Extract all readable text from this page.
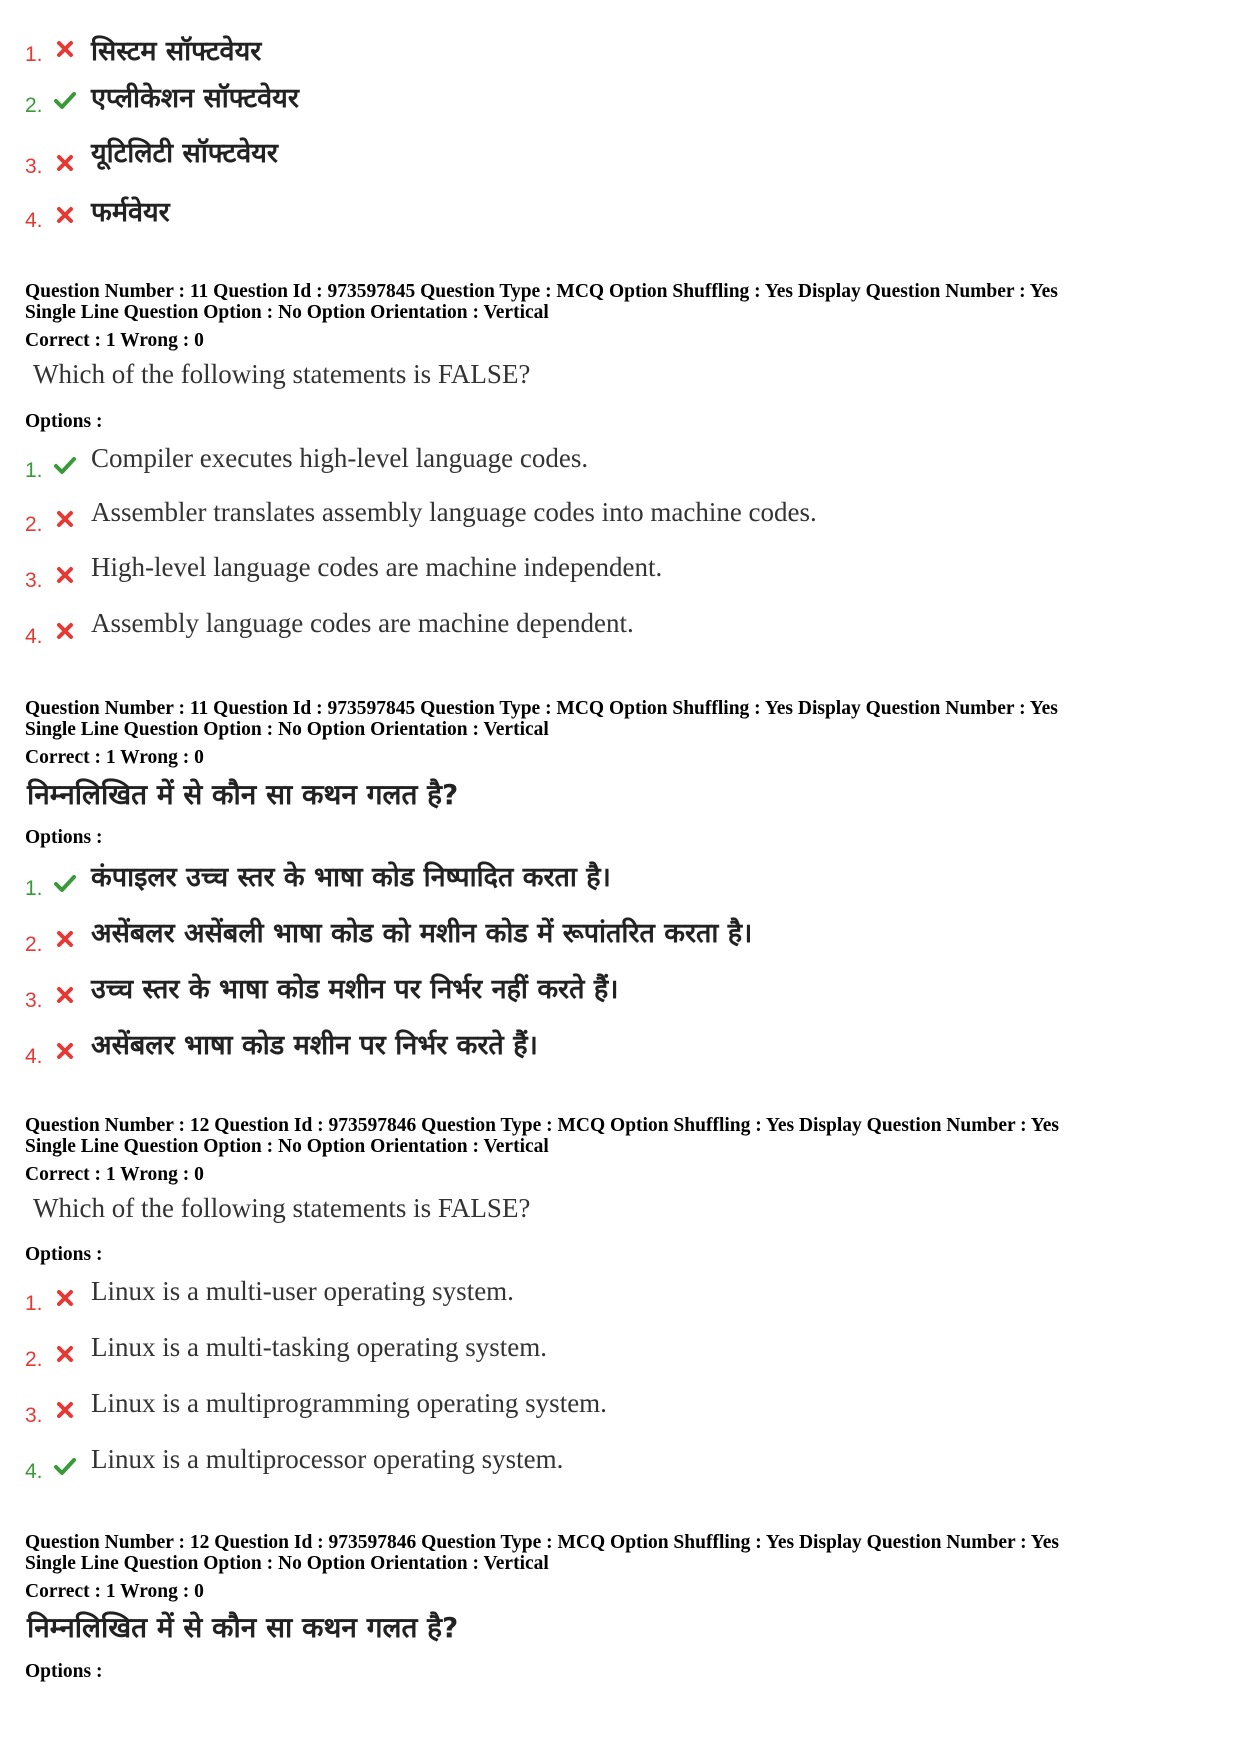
1. सिस्टम सॉफ्टवेयर
2. एप्लीकेशन सॉफ्टवेयर
3. यूटिलिटी सॉफ्टवेयर
4. फर्मवेयर
Question Number : 11 Question Id : 973597845 Question Type : MCQ Option Shuffling : Yes Display Question Number : Yes
Single Line Question Option : No Option Orientation : Vertical
Correct : 1 Wrong : 0
Which of the following statements is FALSE?
Options :
1. Compiler executes high-level language codes.
2. Assembler translates assembly language codes into machine codes.
3. High-level language codes are machine independent.
4. Assembly language codes are machine dependent.
Question Number : 11 Question Id : 973597845 Question Type : MCQ Option Shuffling : Yes Display Question Number : Yes
Single Line Question Option : No Option Orientation : Vertical
Correct : 1 Wrong : 0
निम्नलिखित में से कौन सा कथन गलत है?
Options :
1. कंपाइलर उच्च स्तर के भाषा कोड निष्पादित करता है।
2. असेंबलर असेंबली भाषा कोड को मशीन कोड में रूपांतरित करता है।
3. उच्च स्तर के भाषा कोड मशीन पर निर्भर नहीं करते हैं।
4. असेंबलर भाषा कोड मशीन पर निर्भर करते हैं।
Question Number : 12 Question Id : 973597846 Question Type : MCQ Option Shuffling : Yes Display Question Number : Yes
Single Line Question Option : No Option Orientation : Vertical
Correct : 1 Wrong : 0
Which of the following statements is FALSE?
Options :
1. Linux is a multi-user operating system.
2. Linux is a multi-tasking operating system.
3. Linux is a multiprogramming operating system.
4. Linux is a multiprocessor operating system.
Question Number : 12 Question Id : 973597846 Question Type : MCQ Option Shuffling : Yes Display Question Number : Yes
Single Line Question Option : No Option Orientation : Vertical
Correct : 1 Wrong : 0
निम्नलिखित में से कौन सा कथन गलत है?
Options :
